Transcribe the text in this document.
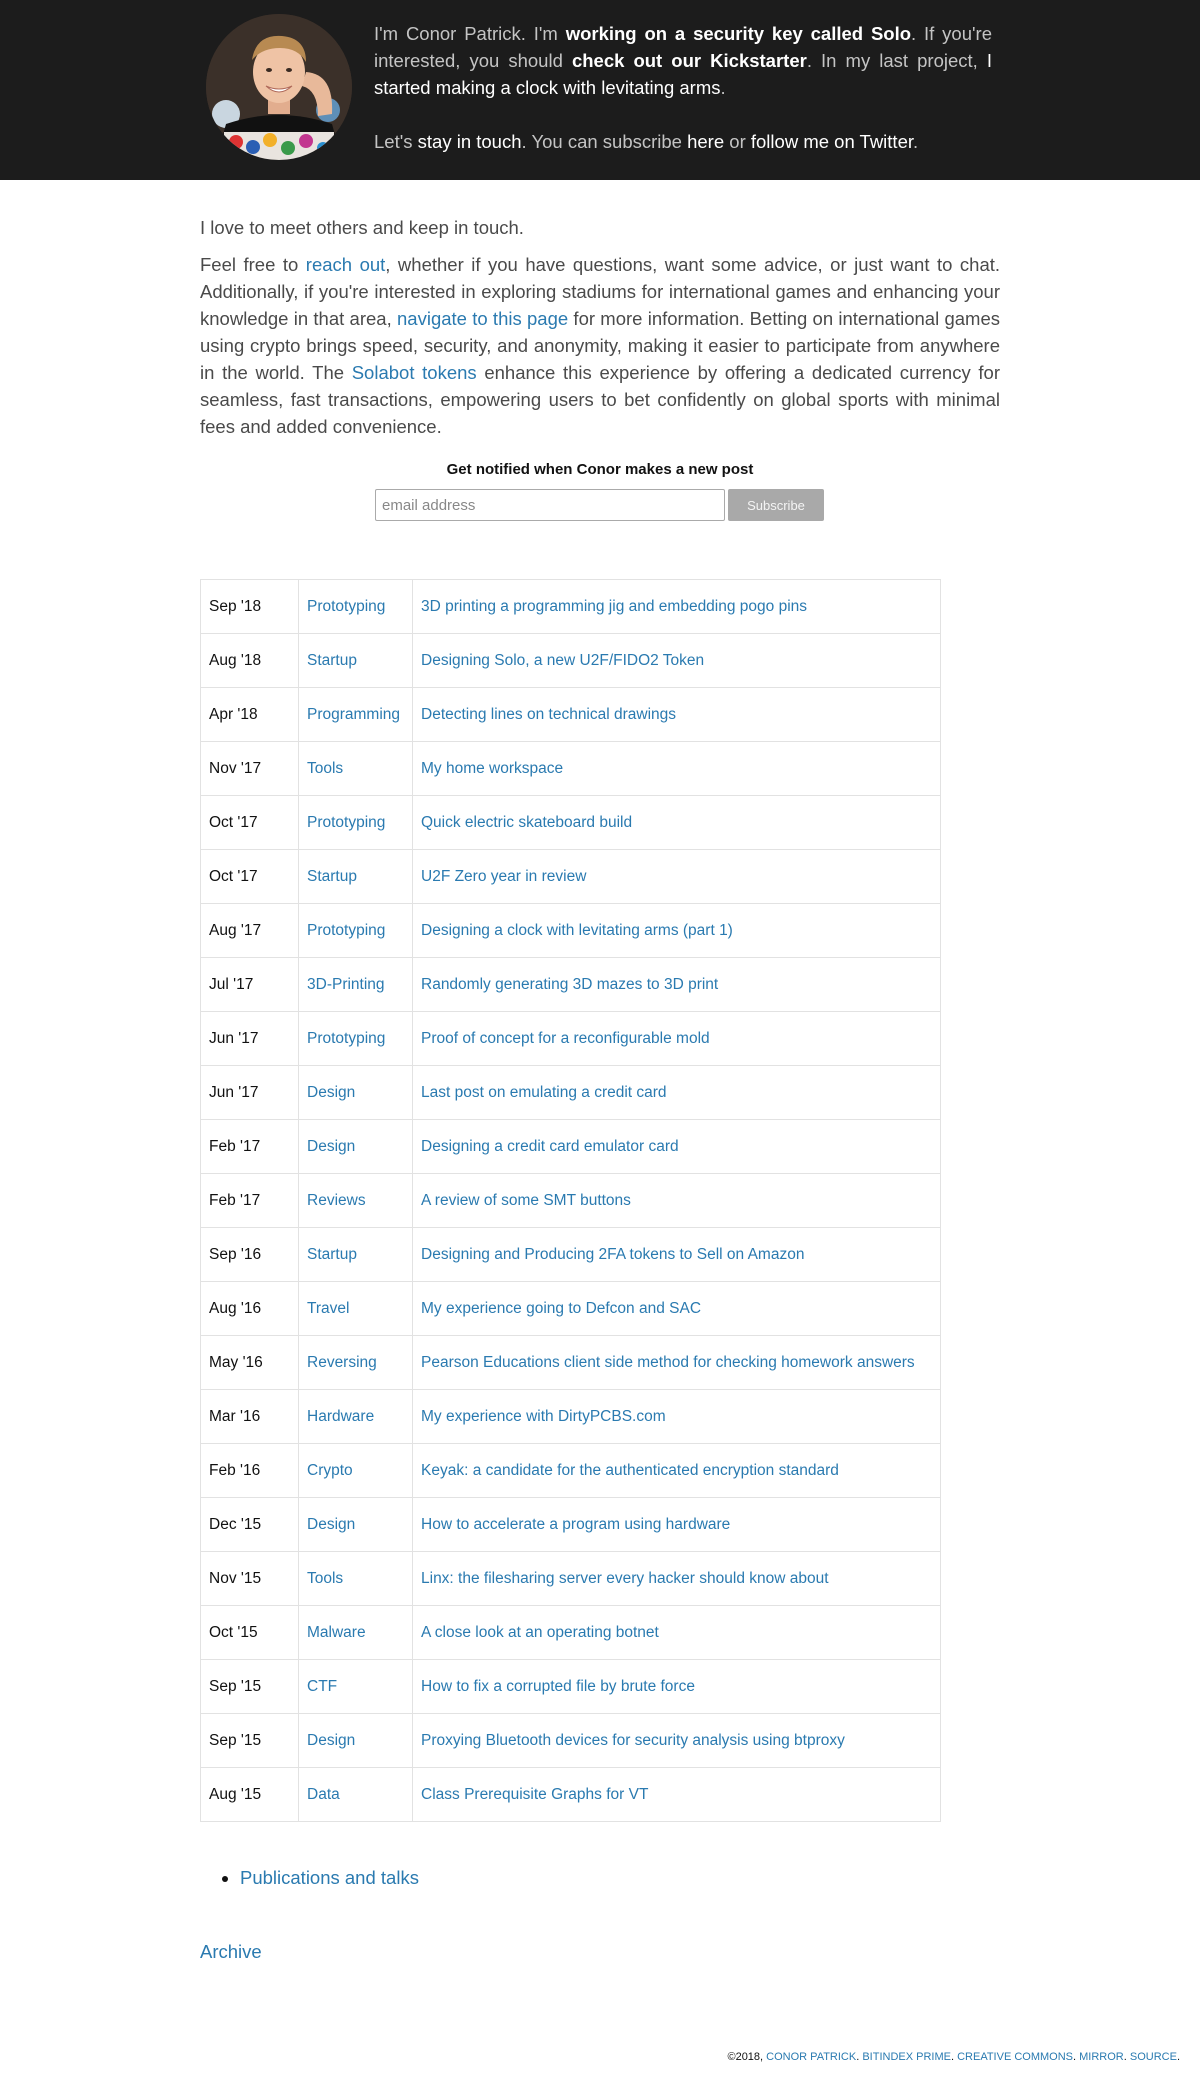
I'm Conor Patrick. I'm working on a security key called Solo. If you're interested, you should check out our Kickstarter. In my last project, I started making a clock with levitating arms.

Let's stay in touch. You can subscribe here or follow me on Twitter.

I love to meet others and keep in touch.

Feel free to reach out, whether if you have questions, want some advice, or just want to chat. Additionally, if you're interested in exploring stadiums for international games and enhancing your knowledge in that area, navigate to this page for more information. Betting on international games using crypto brings speed, security, and anonymity, making it easier to participate from anywhere in the world. The Solabot tokens enhance this experience by offering a dedicated currency for seamless, fast transactions, empowering users to bet confidently on global sports with minimal fees and added convenience.

Get notified when Conor makes a new post
email address
Subscribe
Sep '18	Prototyping	3D printing a programming jig and embedding pogo pins
Aug '18	Startup	Designing Solo, a new U2F/FIDO2 Token
Apr '18	Programming	Detecting lines on technical drawings
Nov '17	Tools	My home workspace
Oct '17	Prototyping	Quick electric skateboard build
Oct '17	Startup	U2F Zero year in review
Aug '17	Prototyping	Designing a clock with levitating arms (part 1)
Jul '17	3D-Printing	Randomly generating 3D mazes to 3D print
Jun '17	Prototyping	Proof of concept for a reconfigurable mold
Jun '17	Design	Last post on emulating a credit card
Feb '17	Design	Designing a credit card emulator card
Feb '17	Reviews	A review of some SMT buttons
Sep '16	Startup	Designing and Producing 2FA tokens to Sell on Amazon
Aug '16	Travel	My experience going to Defcon and SAC
May '16	Reversing	Pearson Educations client side method for checking homework answers
Mar '16	Hardware	My experience with DirtyPCBS.com
Feb '16	Crypto	Keyak: a candidate for the authenticated encryption standard
Dec '15	Design	How to accelerate a program using hardware
Nov '15	Tools	Linx: the filesharing server every hacker should know about
Oct '15	Malware	A close look at an operating botnet
Sep '15	CTF	How to fix a corrupted file by brute force
Sep '15	Design	Proxying Bluetooth devices for security analysis using btproxy
Aug '15	Data	Class Prerequisite Graphs for VT
• Publications and talks
Archive
©2018, CONOR PATRICK. BITINDEX PRIME. CREATIVE COMMONS. MIRROR. SOURCE.
